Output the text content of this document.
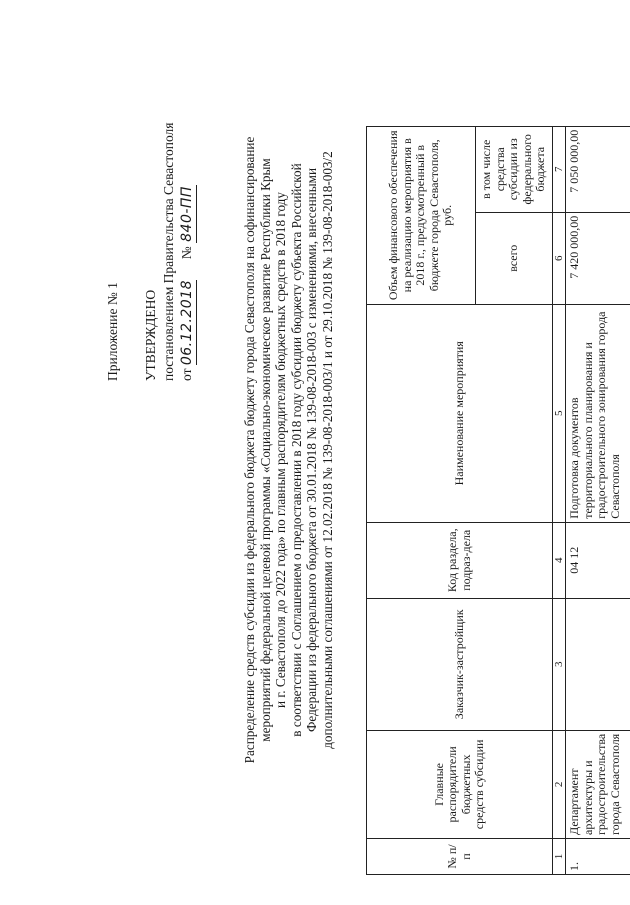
Приложение № 1 УТВЕРЖДЕНО постановлением Правительства Севастополя от 06.12.2018  № 840-ПП	Распределение средств субсидии из федерального бюджета бюджету города Севастополя на софинансирование мероприятий федеральной целевой программы «Социально-экономическое развитие Республики Крым и г. Севастополя до 2022 года» по главным распорядителям бюджетных средств в 2018 году в соответствии с Соглашением о предоставлении в 2018 году субсидии бюджету субъекта Российской Федерации из федерального бюджета от 30.01.2018 № 139-08-2018-003 с изменениями, внесенными дополнительными соглашениями от 12.02.2018 № 139-08-2018-003/1 и от 29.10.2018 № 139-08-2018-003/2
№ п/п	Главные распорядители бюджетных средств субсидии	Заказчик-застройщик	Код раздела, подраз-дела	Наименование мероприятия	Объем финансового обеспечения на реализацию мероприятия в 2018 г., предусмотренный в бюджете города Севастополя, руб.	
					всего	в том числе средства субсидии из федерального бюджета
1	2	3	4	5	6	7
1.	Департамент архитектуры и градостроительства города Севастополя		04 12	Подготовка документов территориального планирования и градостроительного зонирования города Севастополя	7 420 000,00	7 050 000,00
